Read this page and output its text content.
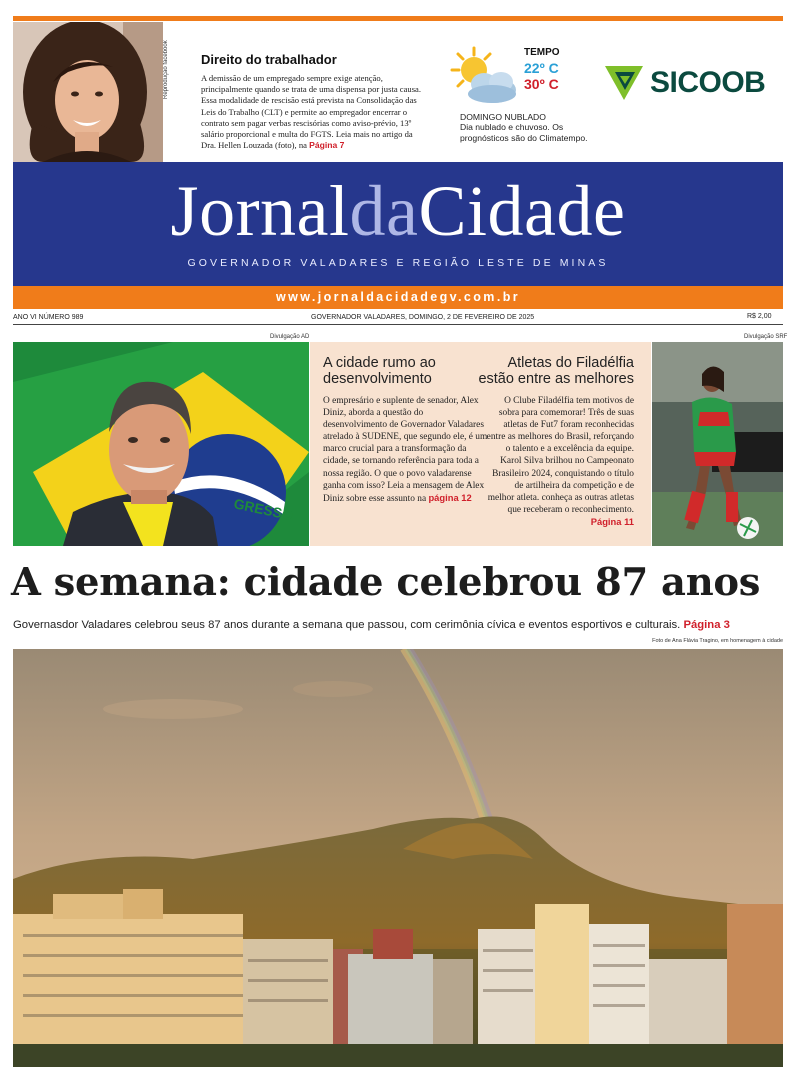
Reprodução facebook	Direito do trabalhador
A demissão de um empregado sempre exige atenção, principalmente quando se trata de uma dispensa por justa causa. Essa modalidade de rescisão está prevista na Consolidação das Leis do Trabalho (CLT) e permite ao empregador encerrar o contrato sem pagar verbas rescisórias como aviso-prévio, 13º salário proporcional e multa do FGTS. Leia mais no artigo da Dra. Hellen Louzada (foto), na Página 7
TEMPO
22º C
30º C
DOMINGO NUBLADO
Dia nublado e chuvoso. Os prognósticos são do Climatempo.
SICOOB
JornaldaCidade
GOVERNADOR VALADARES E REGIÃO LESTE DE MINAS
www.jornaldacidadegv.com.br
ANO VI NÚMERO 989	GOVERNADOR VALADARES, DOMINGO, 2 DE FEVEREIRO DE 2025	R$ 2,00
Divulgação AD	Divulgação SRF
GRESSO
A cidade rumo ao desenvolvimento
O empresário e suplente de senador, Alex Diniz, aborda a questão do desenvolvimento de Governador Valadares atrelado à SUDENE, que segundo ele, é um marco crucial para a transformação da cidade, se tornando referência para toda a nossa região. O que o povo valadarense ganha com isso? Leia a mensagem de Alex Diniz sobre esse assunto na página 12
Atletas do Filadélfia estão entre as melhores
O Clube Filadélfia tem motivos de sobra para comemorar! Três de suas atletas de Fut7 foram reconhecidas entre as melhores do Brasil, reforçando o talento e a excelência da equipe. Karol Silva brilhou no Campeonato Brasileiro 2024, conquistando o título de artilheira da competição e de melhor atleta. conheça as outras atletas que receberam o reconhecimento. Página 11
A semana: cidade celebrou 87 anos
Governasdor Valadares celebrou seus 87 anos durante a semana que passou, com cerimônia cívica e eventos esportivos e culturais. Página 3
Foto de Ana Flávia Tragino, em homenagem à cidade
